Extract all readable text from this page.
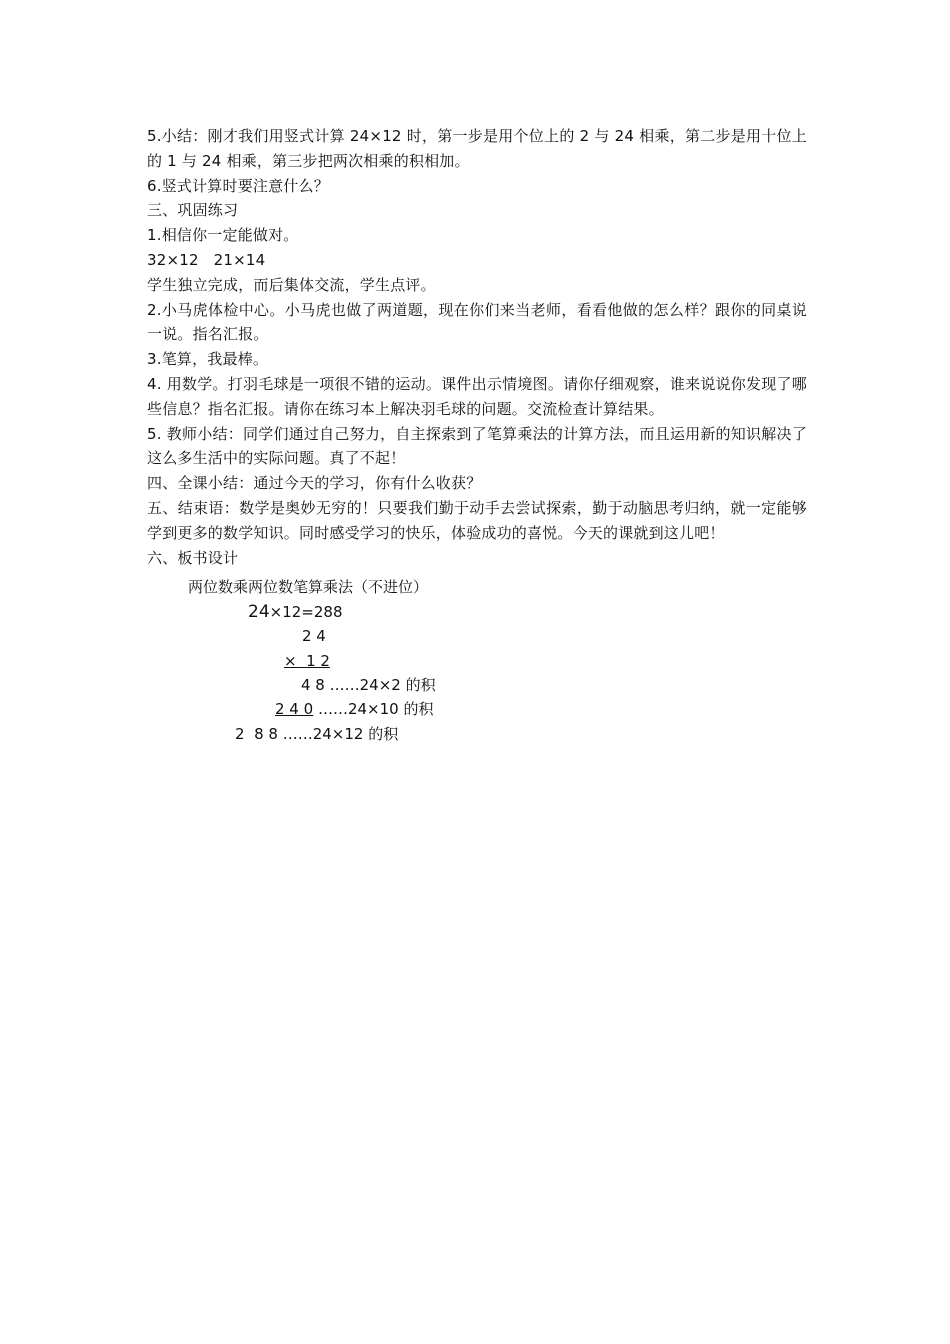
5.小结：刚才我们用竖式计算 24×12 时，第一步是用个位上的 2 与 24 相乘，第二步是用十位上的 1 与 24 相乘，第三步把两次相乘的积相加。

6.竖式计算时要注意什么？

三、巩固练习

1.相信你一定能做对。

32×12   21×14

学生独立完成，而后集体交流，学生点评。

2.小马虎体检中心。小马虎也做了两道题，现在你们来当老师，看看他做的怎么样？跟你的同桌说一说。指名汇报。

3.笔算，我最棒。

4. 用数学。打羽毛球是一项很不错的运动。课件出示情境图。请你仔细观察，谁来说说你发现了哪些信息？指名汇报。请你在练习本上解决羽毛球的问题。交流检查计算结果。

5. 教师小结：同学们通过自己努力，自主探索到了笔算乘法的计算方法，而且运用新的知识解决了这么多生活中的实际问题。真了不起！

四、全课小结：通过今天的学习，你有什么收获？

五、结束语：数学是奥妙无穷的！只要我们勤于动手去尝试探索，勤于动脑思考归纳，就一定能够学到更多的数学知识。同时感受学习的快乐，体验成功的喜悦。今天的课就到这儿吧！

六、板书设计

两位数乘两位数笔算乘法（不进位）

24×12=288

2 4

×  1 2

4 8 ……24×2 的积

2 4 0 ……24×10 的积

2  8 8 ……24×12 的积
